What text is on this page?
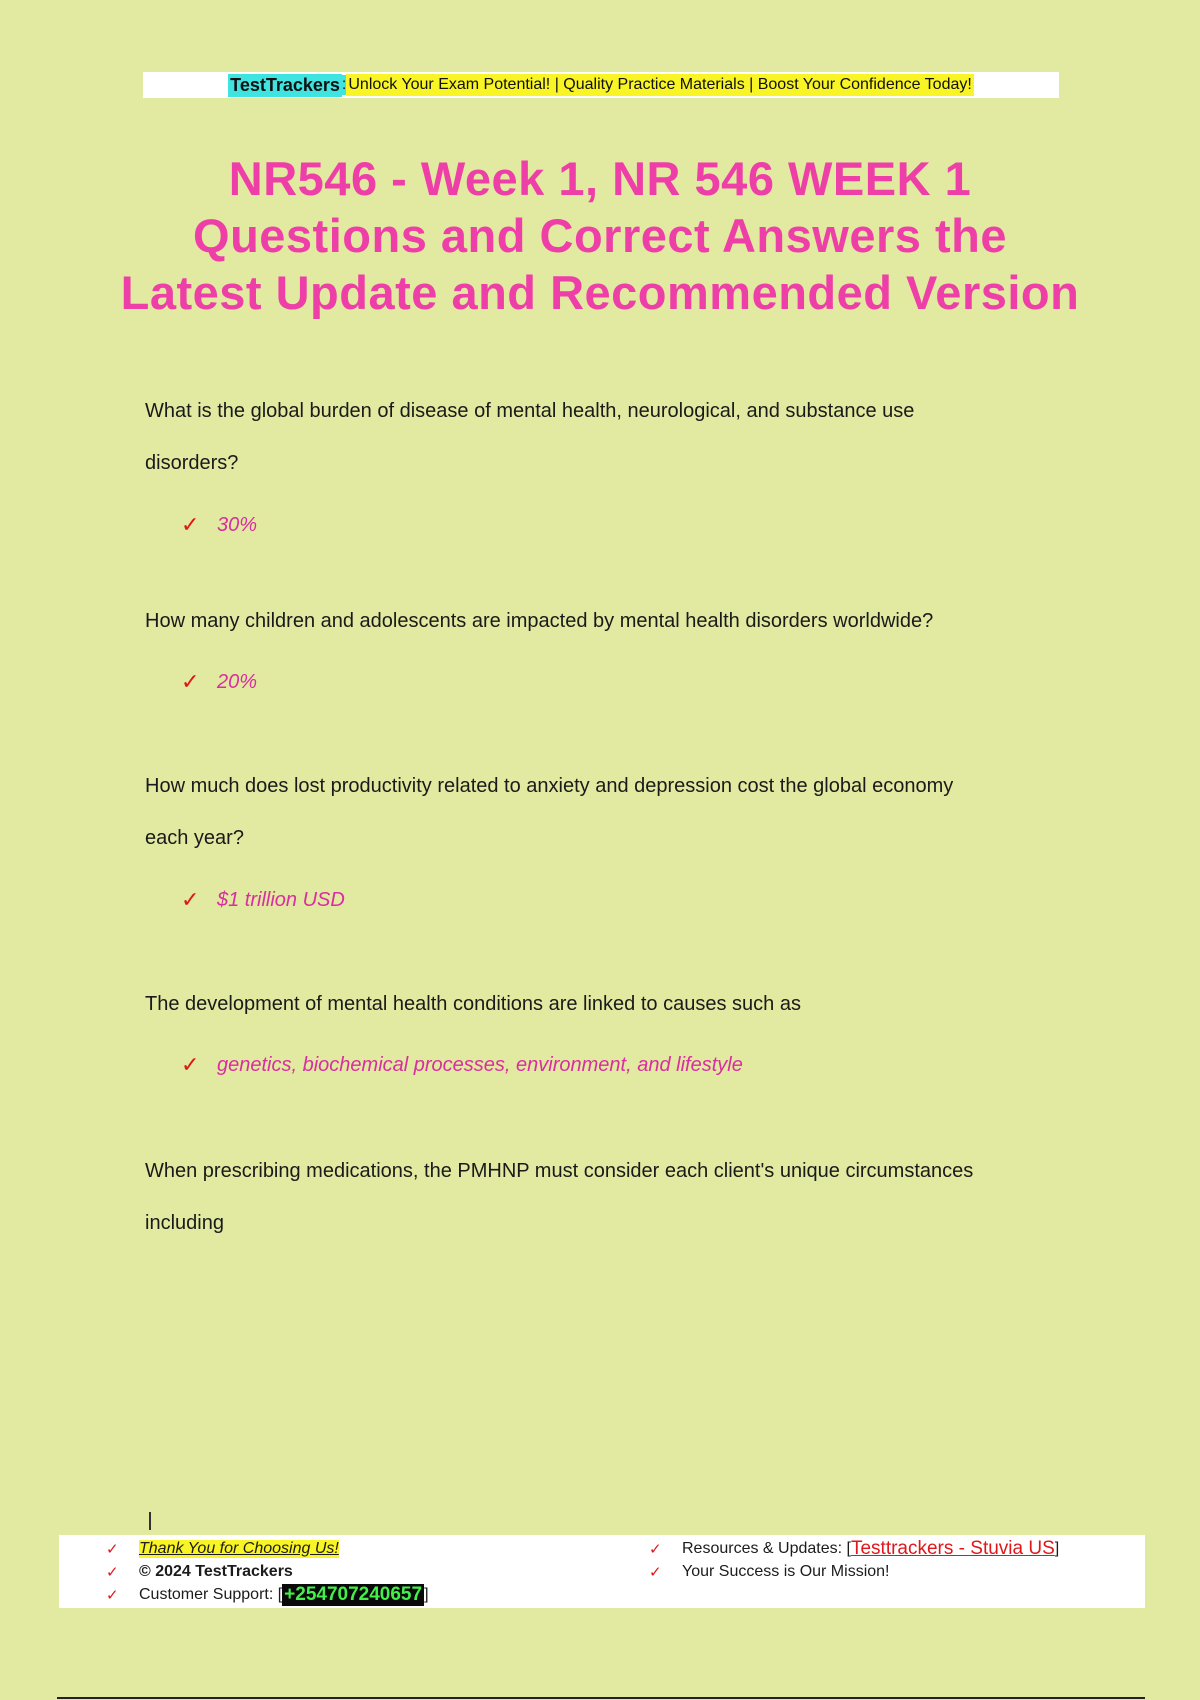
TestTrackers : Unlock Your Exam Potential! | Quality Practice Materials | Boost Your Confidence Today!
NR546 - Week 1, NR 546 WEEK 1 Questions and Correct Answers the Latest Update and Recommended Version

What is the global burden of disease of mental health, neurological, and substance use
disorders?

✓ 30%

How many children and adolescents are impacted by mental health disorders worldwide?

✓ 20%

How much does lost productivity related to anxiety and depression cost the global economy
each year?

✓ $1 trillion USD

The development of mental health conditions are linked to causes such as

✓ genetics, biochemical processes, environment, and lifestyle

When prescribing medications, the PMHNP must consider each client's unique circumstances
including

✓	Thank You for Choosing Us!
✓	© 2024 TestTrackers
✓	Customer Support: [ +254707240657 ]
✓	Resources & Updates: [ Testtrackers - Stuvia US ]
✓	Your Success is Our Mission!
